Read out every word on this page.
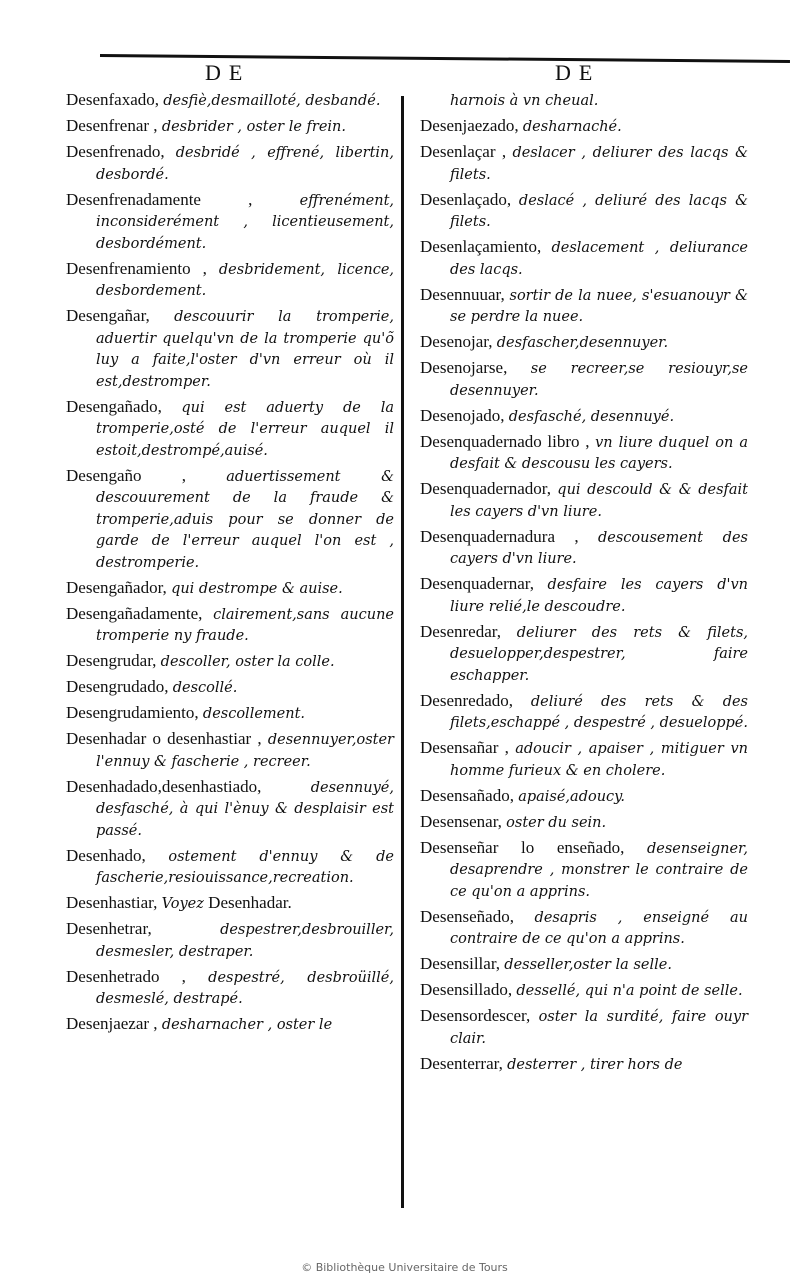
DE	DE

Desenfaxado, desfiè,desmailloté, desbandé.

Desenfrenar , desbrider , oster le frein.

Desenfrenado, desbridé , effrené, libertin, desbordé.

Desenfrenadamente ,	effrenément, inconsiderément , licentieusement, desbordément.

Desenfrenamiento , desbridement, licence, desbordement.

Desengañar, descouurir la tromperie, aduertir quelqu'vn de la tromperie qu'õ luy a faite,l'oster d'vn erreur où il est,destromper.

Desengañado, qui est aduerty de la tromperie,osté de l'erreur auquel il estoit,destrompé,auisé.

Desengaño ,	aduertissement & descouurement de la fraude & tromperie,aduis pour se donner de garde de l'erreur auquel l'on est , destromperie.

Desengañador, qui destrompe & auise.

Desengañadamente, clairement,sans aucune tromperie ny fraude.

Desengrudar, descoller, oster la colle.

Desengrudado, descollé.

Desengrudamiento, descollement.

Desenhadar o desenhastiar , desennuyer,oster l'ennuy & fascherie , recreer.

Desenhadado,desenhastiado,	desennuyé, desfasché, à qui l'ènuy & desplaisir est passé.

Desenhado, ostement d'ennuy & de fascherie,resiouissance,recreation.

Desenhastiar, Voyez Desenhadar.

Desenhetrar,	despestrer,desbrouiller, desmesler, destraper.

Desenhetrado , despestré, desbroüillé, desmeslé, destrapé.

Desenjaezar , desharnacher , oster le

harnois à vn cheual.

Desenjaezado, desharnaché.

Desenlaçar , deslacer , deliurer des lacqs & filets.

Desenlaçado, deslacé , deliuré des lacqs & filets.

Desenlaçamiento, deslacement , deliurance des lacqs.

Desennuuar, sortir de la nuee, s'esuanouyr & se perdre la nuee.

Desenojar, desfascher,desennuyer.

Desenojarse, se recreer,se resiouyr,se desennuyer.

Desenojado, desfasché, desennuyé.

Desenquadernado libro , vn liure duquel on a desfait & descousu les cayers.

Desenquadernador, qui descould & & desfait les cayers d'vn liure.

Desenquadernadura , descousement des cayers d'vn liure.

Desenquadernar, desfaire les cayers d'vn liure relié,le descoudre.

Desenredar, deliurer des rets & filets, desuelopper,despestrer, faire eschapper.

Desenredado, deliuré des rets & des filets,eschappé , despestré , desueloppé.

Desensañar , adoucir , apaiser , mitiguer vn homme furieux & en cholere.

Desensañado, apaisé,adoucy.

Desensenar, oster du sein.

Desenseñar lo enseñado, desenseigner, desaprendre , monstrer le contraire de ce qu'on a apprins.

Desenseñado, desapris , enseigné au contraire de ce qu'on a apprins.

Desensillar, desseller,oster la selle.

Desensillado, dessellé, qui n'a point de selle.

Desensordescer, oster la surdité, faire ouyr clair.

Desenterrar, desterrer , tirer hors de

© Bibliothèque Universitaire de Tours
